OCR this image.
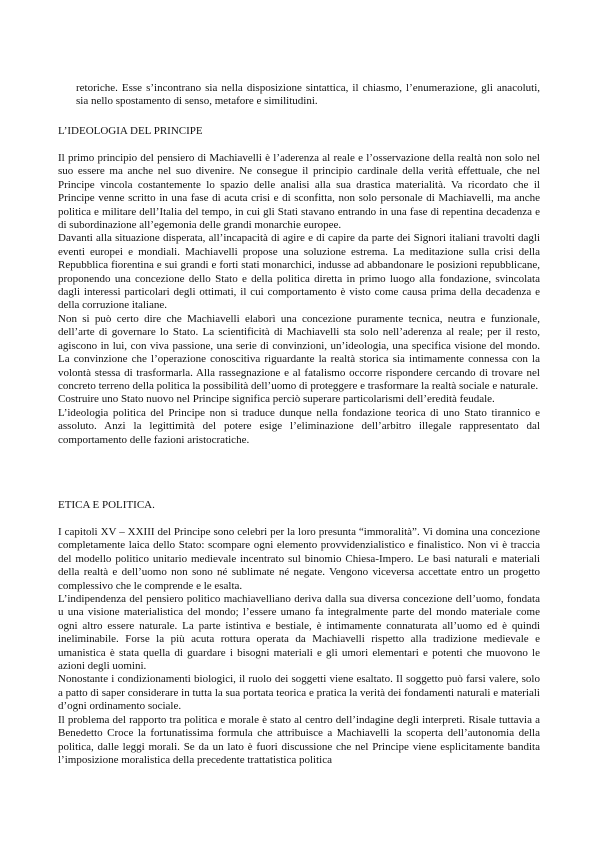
retoriche. Esse s’incontrano sia nella disposizione sintattica, il chiasmo, l’enumerazione, gli anacoluti, sia nello spostamento di senso, metafore e similitudini.

L’IDEOLOGIA DEL PRINCIPE

Il primo principio del pensiero di Machiavelli è l’aderenza al reale e l’osservazione della realtà non solo nel suo essere ma anche nel suo divenire. Ne consegue il principio cardinale della verità effettuale, che nel Principe vincola costantemente lo spazio delle analisi alla sua drastica materialità. Va ricordato che il Principe venne scritto in una fase di acuta crisi e di sconfitta, non solo personale di Machiavelli, ma anche politica e militare dell’Italia del tempo, in cui gli Stati stavano entrando in una fase di repentina decadenza e di subordinazione all’egemonia delle grandi monarchie europee.

Davanti alla situazione disperata, all’incapacità di agire e di capire da parte dei Signori italiani travolti dagli eventi europei e mondiali. Machiavelli propose una soluzione estrema. La meditazione sulla crisi della Repubblica fiorentina e sui grandi e forti stati monarchici, indusse ad abbandonare le posizioni repubblicane, proponendo una concezione dello Stato e della politica diretta in primo luogo alla fondazione, svincolata dagli interessi particolari degli ottimati, il cui comportamento è visto come causa prima della decadenza e della corruzione italiane.

Non si può certo dire che Machiavelli elaborì una concezione puramente tecnica, neutra e funzionale, dell’arte di governare lo Stato. La scientificità di Machiavelli sta solo nell’aderenza al reale; per il resto, agiscono in lui, con viva passione, una serie di convinzioni, un’ideologia, una specifica visione del mondo. La convinzione che l’operazione conoscitiva riguardante la realtà storica sia intimamente connessa con la volontà stessa di trasformarla. Alla rassegnazione e al fatalismo occorre rispondere cercando di trovare nel concreto terreno della politica la possibilità dell’uomo di proteggere e trasformare la realtà sociale e naturale.

Costruire uno Stato nuovo nel Principe significa perciò superare particolarismi dell’eredità feudale.

L’ideologia politica del Principe non si traduce dunque nella fondazione teorica di uno Stato tirannico e assoluto. Anzi la legittimità del potere esige l’eliminazione dell’arbitro illegale rappresentato dal comportamento delle fazioni aristocratiche.

ETICA E POLITICA.

I capitoli XV – XXIII del Principe sono celebri per la loro presunta “immoralità”. Vi domina una concezione completamente laica dello Stato: scompare ogni elemento provvidenzialistico e finalistico. Non vi è traccia del modello politico unitario medievale incentrato sul binomio Chiesa-Impero. Le basi naturali e materiali della realtà e dell’uomo non sono né sublimate né negate. Vengono viceversa accettate entro un progetto complessivo che le comprende e le esalta.

L’indipendenza del pensiero politico machiavelliano deriva dalla sua diversa concezione dell’uomo, fondata u una visione materialistica del mondo; l’essere umano fa integralmente parte del mondo materiale come ogni altro essere naturale. La parte istintiva e bestiale, è intimamente connaturata all’uomo ed è quindi ineliminabile. Forse la più acuta rottura operata da Machiavelli rispetto alla tradizione medievale e umanistica è stata quella di guardare i bisogni materiali e gli umori elementari e potenti che muovono le azioni degli uomini.

Nonostante i condizionamenti biologici, il ruolo dei soggetti viene esaltato. Il soggetto può farsi valere, solo a patto di saper considerare in tutta la sua portata teorica e pratica la verità dei fondamenti naturali e materiali d’ogni ordinamento sociale.

Il problema del rapporto tra politica e morale è stato al centro dell’indagine degli interpreti. Risale tuttavia a Benedetto Croce la fortunatissima formula che attribuisce a Machiavelli la scoperta dell’autonomia della politica, dalle leggi morali. Se da un lato è fuori discussione che nel Principe viene esplicitamente bandita l’imposizione moralistica della precedente trattatistica politica
